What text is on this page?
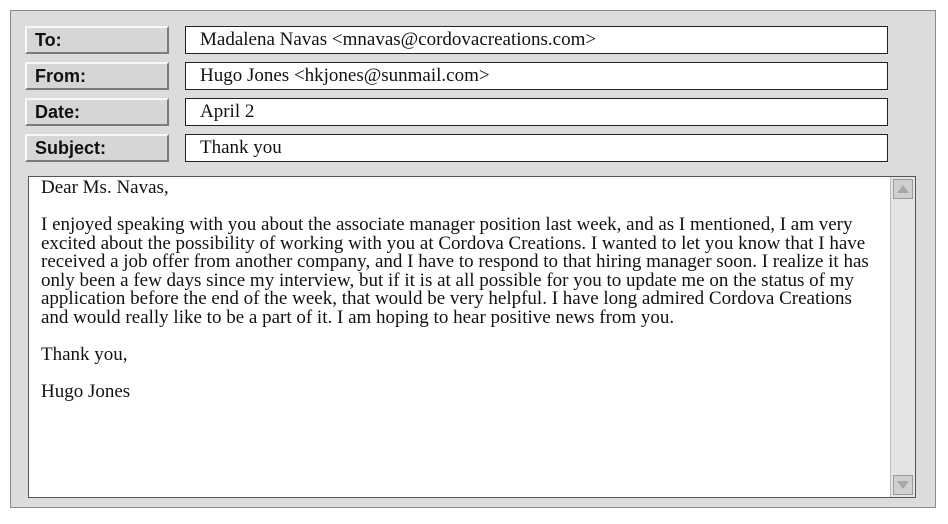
To:	Madalena Navas <mnavas@cordovacreations.com>
From:	Hugo Jones <hkjones@sunmail.com>
Date:	April 2
Subject:	Thank you

Dear Ms. Navas,

I enjoyed speaking with you about the associate manager position last week, and as I mentioned, I am very excited about the possibility of working with you at Cordova Creations. I wanted to let you know that I have received a job offer from another company, and I have to respond to that hiring manager soon. I realize it has only been a few days since my interview, but if it is at all possible for you to update me on the status of my application before the end of the week, that would be very helpful. I have long admired Cordova Creations and would really like to be a part of it. I am hoping to hear positive news from you.

Thank you,

Hugo Jones
